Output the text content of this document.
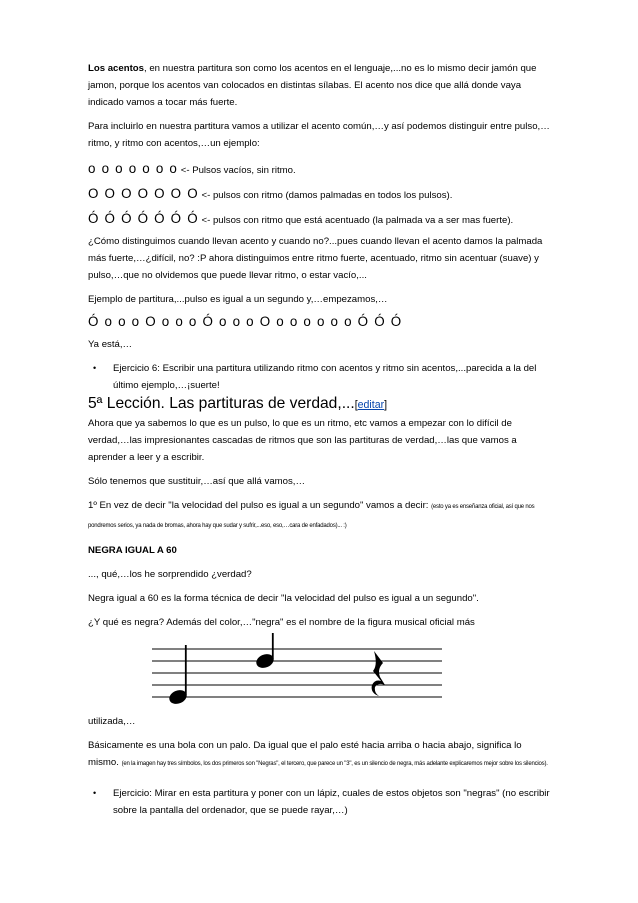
Los acentos, en nuestra partitura son como los acentos en el lenguaje,...no es lo mismo decir jamón que jamon, porque los acentos van colocados en distintas sílabas. El acento nos dice que allá donde vaya indicado vamos a tocar más fuerte.

Para incluirlo en nuestra partitura vamos a utilizar el acento común,…y así podemos distinguir entre pulso,…ritmo, y ritmo con acentos,…un ejemplo:

o o o o o o o <- Pulsos vacíos, sin ritmo.

O O O O O O O <- pulsos con ritmo (damos palmadas en todos los pulsos).

Ó Ó Ó Ó Ó Ó Ó <- pulsos con ritmo que está acentuado (la palmada va a ser mas fuerte).

¿Cómo distinguimos cuando llevan acento y cuando no?...pues cuando llevan el acento damos la palmada más fuerte,…¿difícil, no? :P ahora distinguimos entre ritmo fuerte, acentuado, ritmo sin acentuar (suave) y pulso,…que no olvidemos que puede llevar ritmo, o estar vacío,...

Ejemplo de partitura,...pulso es igual a un segundo y,…empezamos,…

Ó o o o O o o o Ó o o o O o o o o o o Ó Ó Ó

Ya está,…

• Ejercicio 6: Escribir una partitura utilizando ritmo con acentos y ritmo sin acentos,...parecida a la del último ejemplo,…¡suerte!

5ª Lección. Las partituras de verdad,...[editar]

Ahora que ya sabemos lo que es un pulso, lo que es un ritmo, etc vamos a empezar con lo difícil de verdad,…las impresionantes cascadas de ritmos que son las partituras de verdad,…las que vamos a aprender a leer y a escribir.

Sólo tenemos que sustituir,…así que allá vamos,…

1º En vez de decir "la velocidad del pulso es igual a un segundo" vamos a decir: (esto ya es enseñanza oficial, así que nos pondremos serios, ya nada de bromas, ahora hay que sudar y sufrir,...eso, eso,…cara de enfadados)... :)

NEGRA IGUAL A 60

..., qué,…los he sorprendido ¿verdad?

Negra igual a 60 es la forma técnica de decir "la velocidad del pulso es igual a un segundo".

¿Y qué es negra? Además del color,…"negra" es el nombre de la figura musical oficial más

utilizada,…

Básicamente es una bola con un palo. Da igual que el palo esté hacia arriba o hacia abajo, significa lo mismo. (en la imagen hay tres símbolos, los dos primeros son "Negras", el tercero, que parece un "3", es un silencio de negra, más adelante explicaremos mejor sobre los silencios).

• Ejercicio: Mirar en esta partitura y poner con un lápiz, cuales de estos objetos son "negras" (no escribir sobre la pantalla del ordenador, que se puede rayar,…)
